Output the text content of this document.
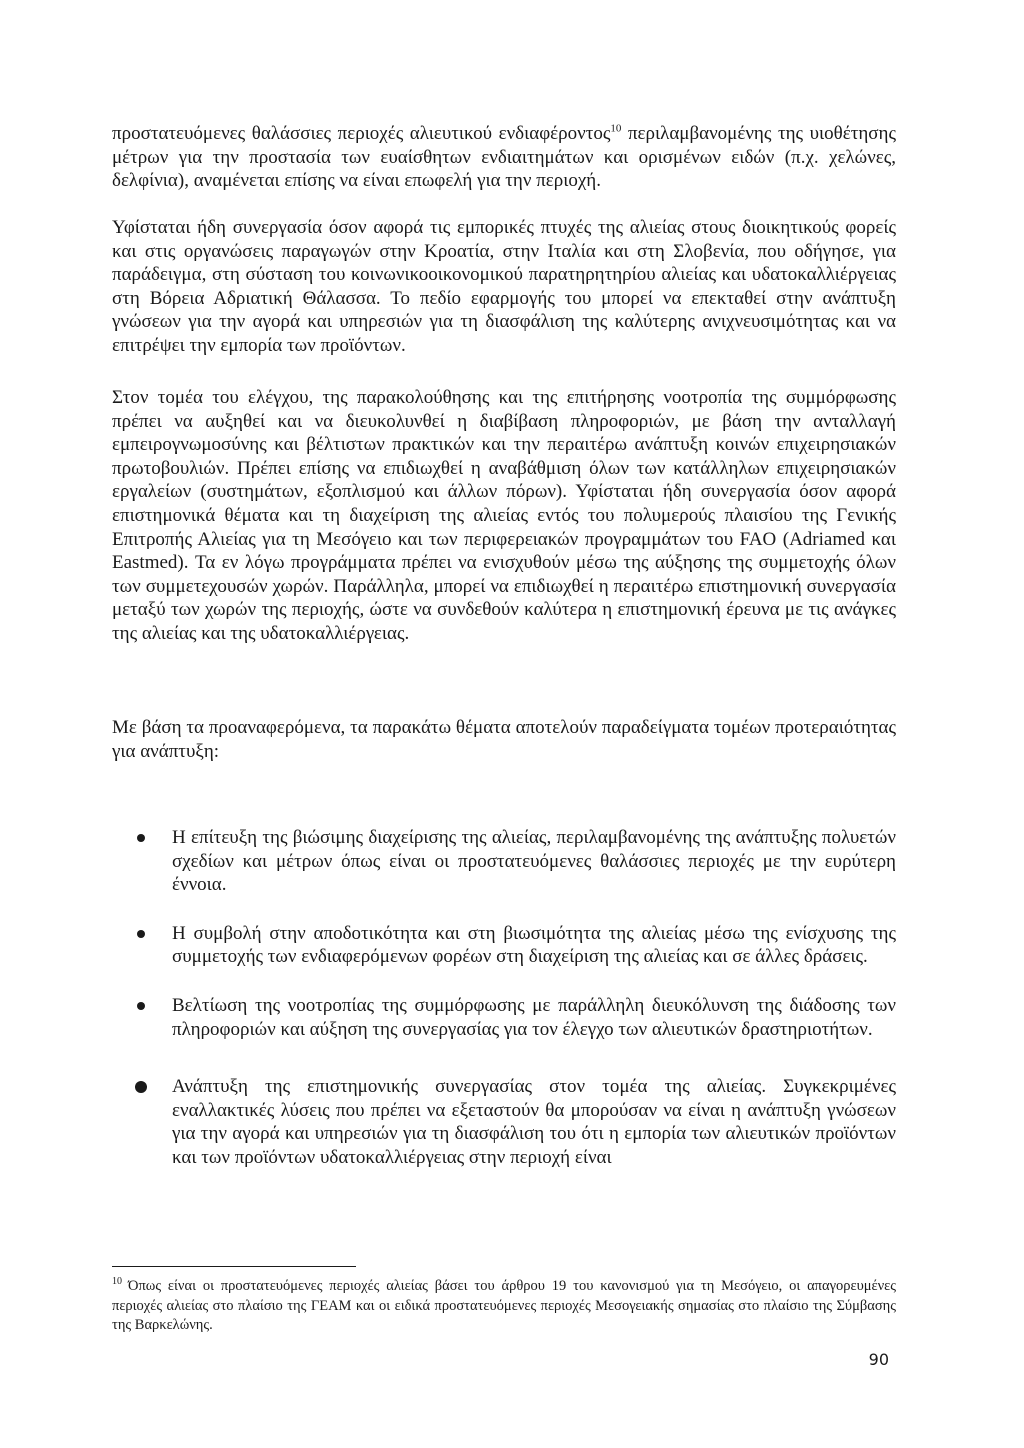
προστατευόμενες θαλάσσιες περιοχές αλιευτικού ενδιαφέροντος$^{10}$ περιλαμβανομένης της υιοθέτησης μέτρων για την προστασία των ευαίσθητων ενδιαιτημάτων και ορισμένων ειδών (π.χ. χελώνες, δελφίνια), αναμένεται επίσης να είναι επωφελή για την περιοχή.

Υφίσταται ήδη συνεργασία όσον αφορά τις εμπορικές πτυχές της αλιείας στους διοικητικούς φορείς και στις οργανώσεις παραγωγών στην Κροατία, στην Ιταλία και στη Σλοβενία, που οδήγησε, για παράδειγμα, στη σύσταση του κοινωνικοοικονομικού παρατηρητηρίου αλιείας και υδατοκαλλιέργειας στη Βόρεια Αδριατική Θάλασσα. Το πεδίο εφαρμογής του μπορεί να επεκταθεί στην ανάπτυξη γνώσεων για την αγορά και υπηρεσιών για τη διασφάλιση της καλύτερης ανιχνευσιμότητας και να επιτρέψει την εμπορία των προϊόντων.

Στον τομέα του ελέγχου, της παρακολούθησης και της επιτήρησης νοοτροπία της συμμόρφωσης πρέπει να αυξηθεί και να διευκολυνθεί η διαβίβαση πληροφοριών, με βάση την ανταλλαγή εμπειρογνωμοσύνης και βέλτιστων πρακτικών και την περαιτέρω ανάπτυξη κοινών επιχειρησιακών πρωτοβουλιών. Πρέπει επίσης να επιδιωχθεί η αναβάθμιση όλων των κατάλληλων επιχειρησιακών εργαλείων (συστημάτων, εξοπλισμού και άλλων πόρων). Υφίσταται ήδη συνεργασία όσον αφορά επιστημονικά θέματα και τη διαχείριση της αλιείας εντός του πολυμερούς πλαισίου της Γενικής Επιτροπής Αλιείας για τη Μεσόγειο και των περιφερειακών προγραμμάτων του FAO (Adriamed και Eastmed). Τα εν λόγω προγράμματα πρέπει να ενισχυθούν μέσω της αύξησης της συμμετοχής όλων των συμμετεχουσών χωρών. Παράλληλα, μπορεί να επιδιωχθεί η περαιτέρω επιστημονική συνεργασία μεταξύ των χωρών της περιοχής, ώστε να συνδεθούν καλύτερα η επιστημονική έρευνα με τις ανάγκες της αλιείας και της υδατοκαλλιέργειας.

Με βάση τα προαναφερόμενα, τα παρακάτω θέματα αποτελούν παραδείγματα τομέων προτεραιότητας για ανάπτυξη:

Η επίτευξη της βιώσιμης διαχείρισης της αλιείας, περιλαμβανομένης της ανάπτυξης πολυετών σχεδίων και μέτρων όπως είναι οι προστατευόμενες θαλάσσιες περιοχές με την ευρύτερη έννοια.
Η συμβολή στην αποδοτικότητα και στη βιωσιμότητα της αλιείας μέσω της ενίσχυσης της συμμετοχής των ενδιαφερόμενων φορέων στη διαχείριση της αλιείας και σε άλλες δράσεις.
Βελτίωση της νοοτροπίας της συμμόρφωσης με παράλληλη διευκόλυνση της διάδοσης των πληροφοριών και αύξηση της συνεργασίας για τον έλεγχο των αλιευτικών δραστηριοτήτων.
Ανάπτυξη της επιστημονικής συνεργασίας στον τομέα της αλιείας. Συγκεκριμένες εναλλακτικές λύσεις που πρέπει να εξεταστούν θα μπορούσαν να είναι η ανάπτυξη γνώσεων για την αγορά και υπηρεσιών για τη διασφάλιση του ότι η εμπορία των αλιευτικών προϊόντων και των προϊόντων υδατοκαλλιέργειας στην περιοχή είναι

$^{10}$ Όπως είναι οι προστατευόμενες περιοχές αλιείας βάσει του άρθρου 19 του κανονισμού για τη Μεσόγειο, οι απαγορευμένες περιοχές αλιείας στο πλαίσιο της ΓΕΑΜ και οι ειδικά προστατευόμενες περιοχές Μεσογειακής σημασίας στο πλαίσιο της Σύμβασης της Βαρκελώνης.

90
